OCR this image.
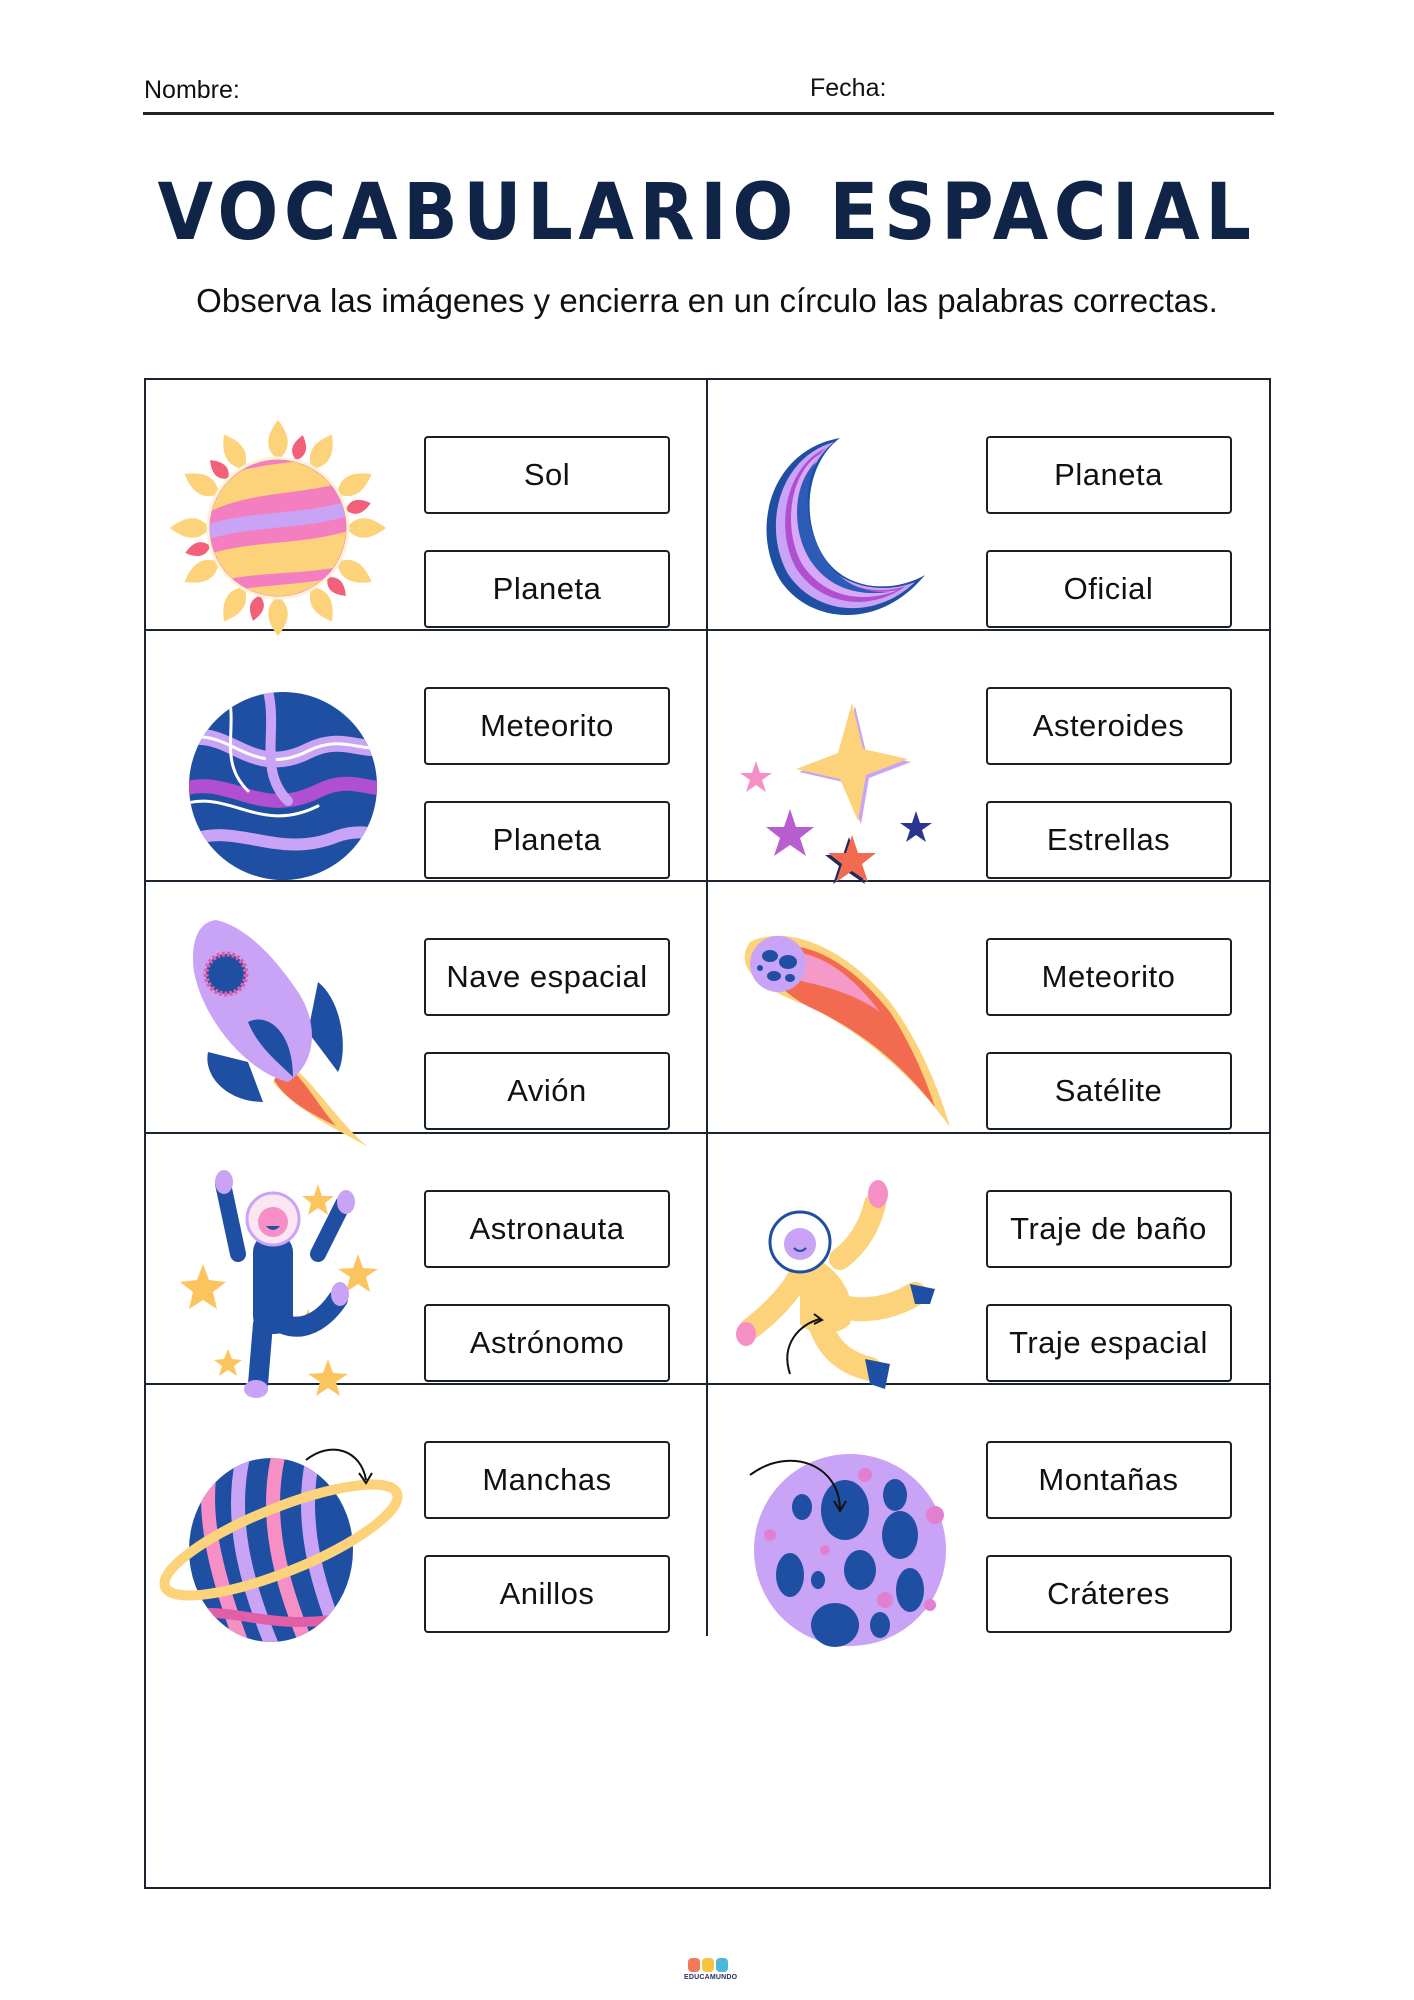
Nombre:	Fecha:
VOCABULARIO ESPACIAL

Observa las imágenes y encierra en un círculo las palabras correctas.

Sol
Planeta
Planeta
Oficial
Meteorito
Planeta
Asteroides
Estrellas
Nave espacial
Avión
Meteorito
Satélite
Astronauta
Astrónomo
Traje de baño
Traje espacial
Manchas
Anillos
Montañas
Cráteres
EDUCAMUNDO
